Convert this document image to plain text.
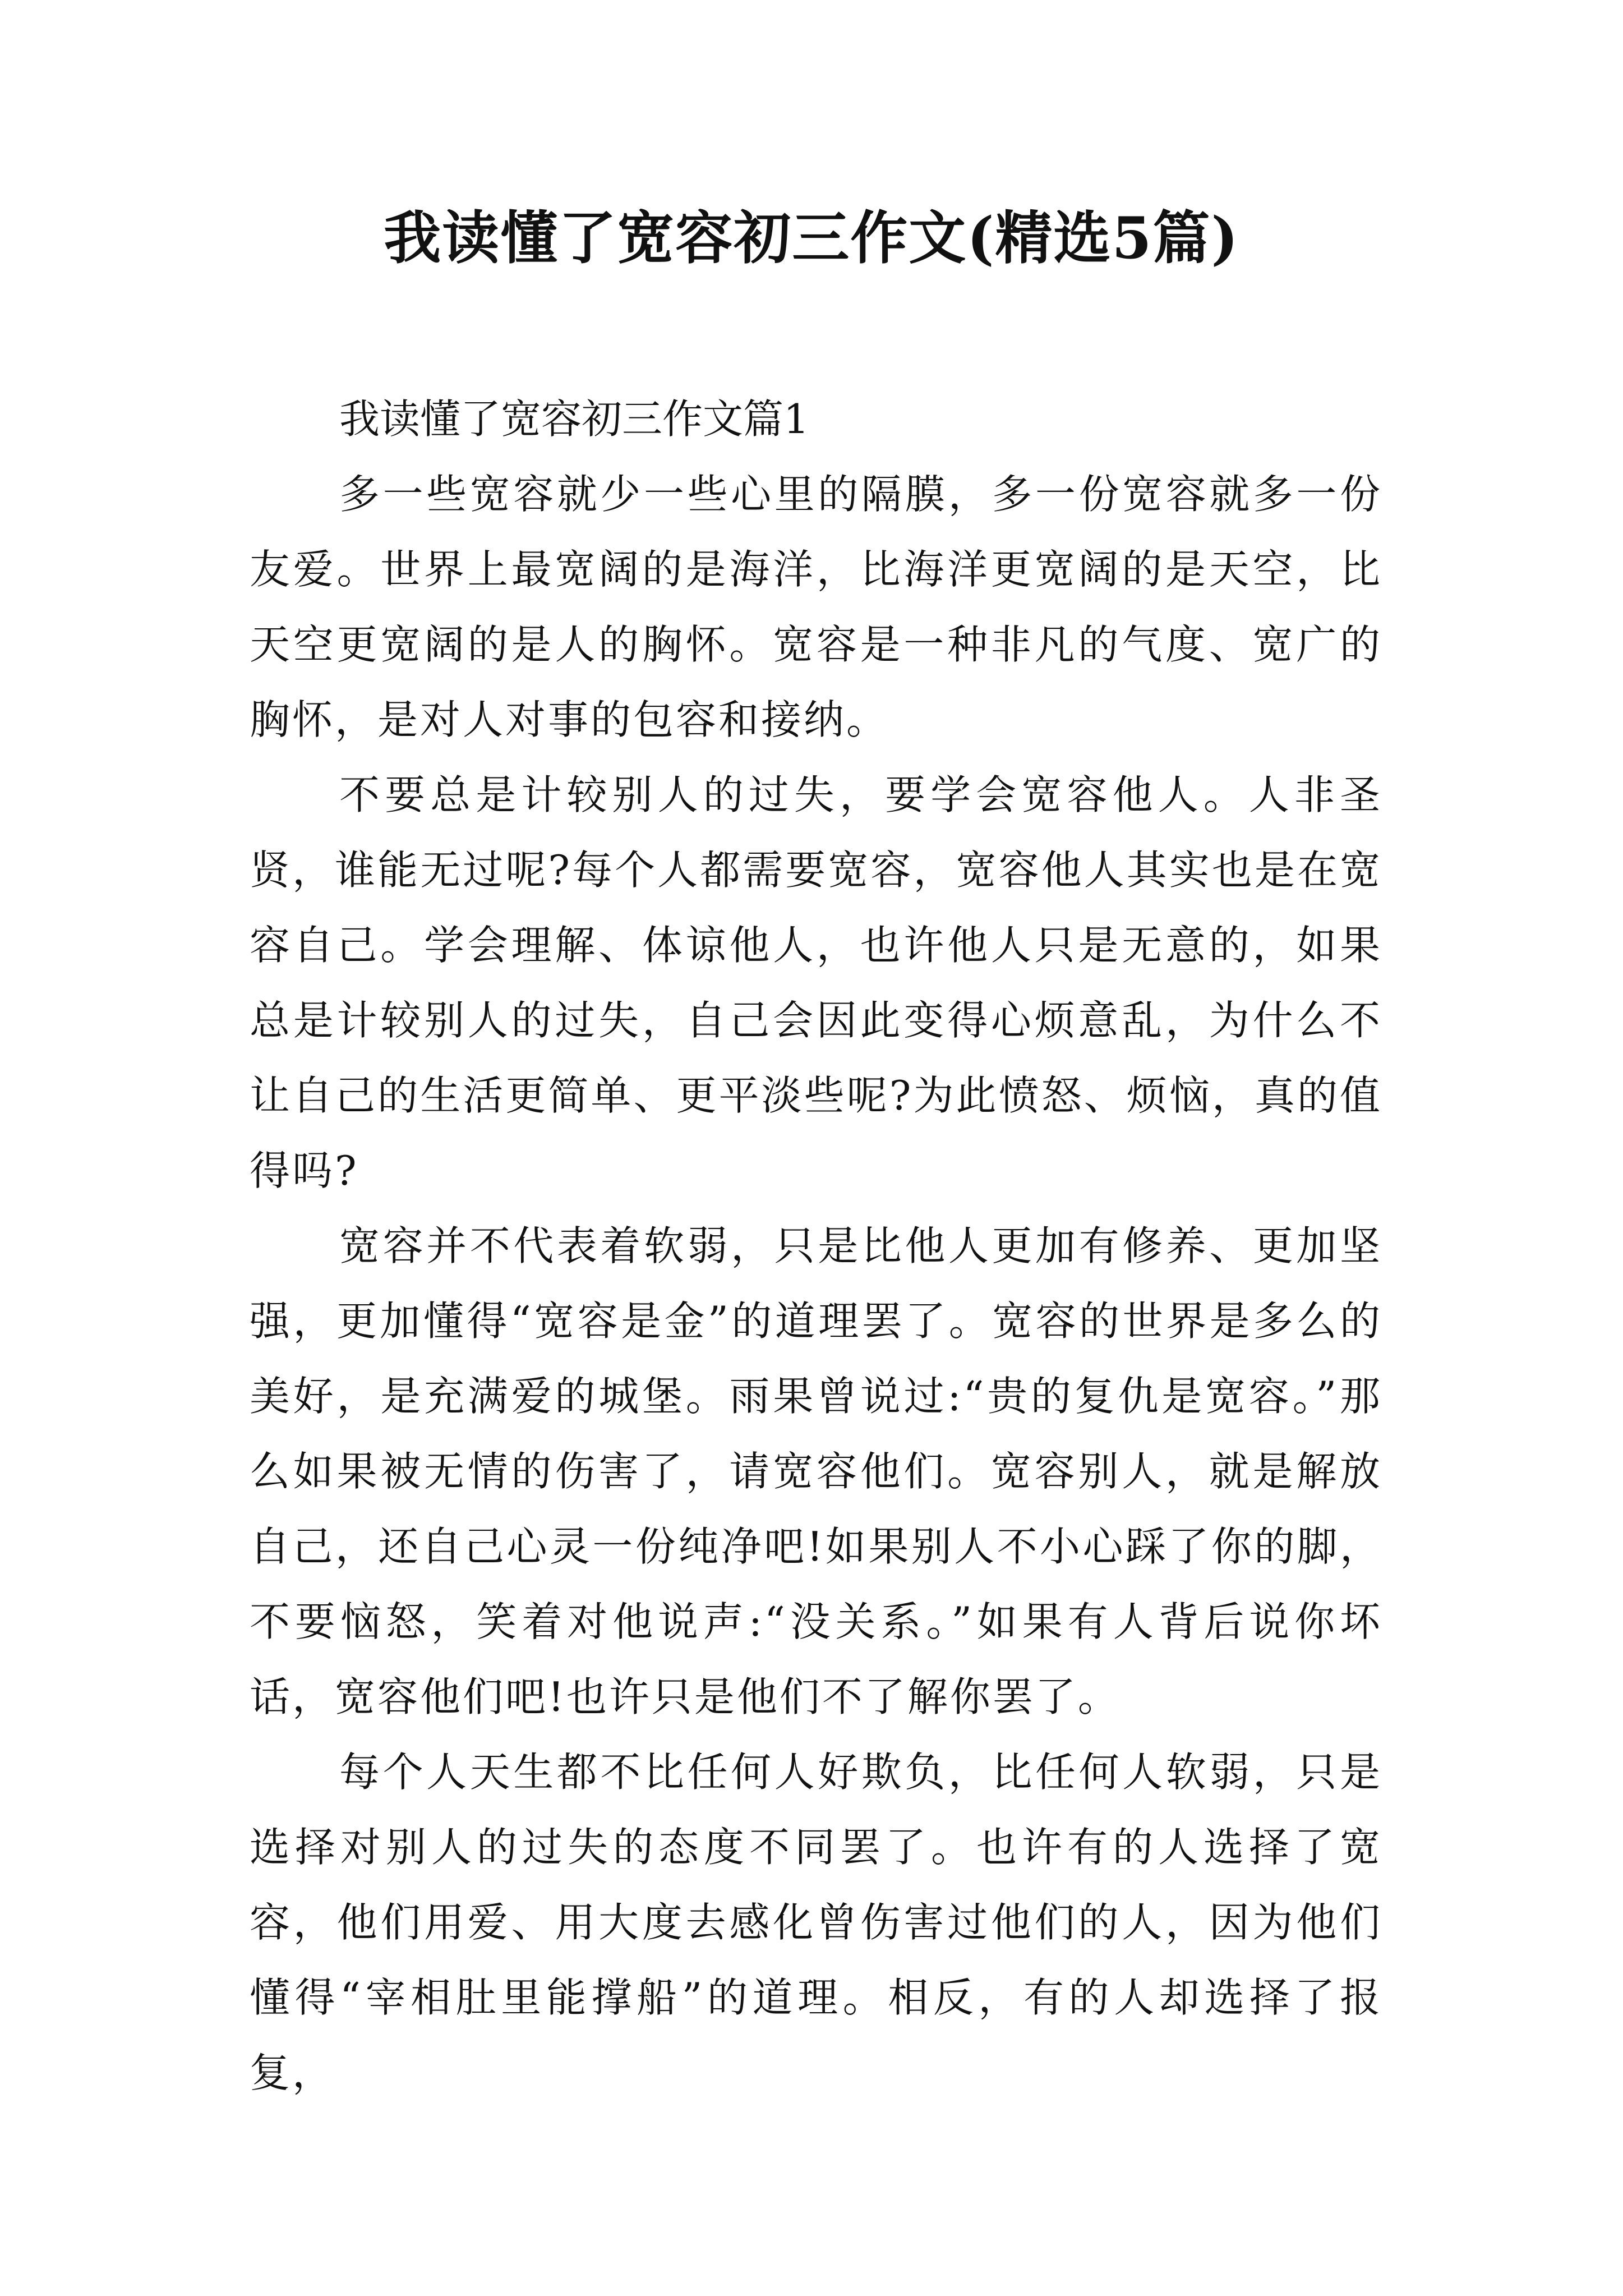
我读懂了宽容初三作文(精选5篇)
我读懂了宽容初三作文篇1

多一些宽容就少一些心里的隔膜，多一份宽容就多一份友爱。世界上最宽阔的是海洋，比海洋更宽阔的是天空，比天空更宽阔的是人的胸怀。宽容是一种非凡的气度、宽广的胸怀，是对人对事的包容和接纳。

不要总是计较别人的过失，要学会宽容他人。人非圣贤，谁能无过呢?每个人都需要宽容，宽容他人其实也是在宽容自己。学会理解、体谅他人，也许他人只是无意的，如果总是计较别人的过失，自己会因此变得心烦意乱，为什么不让自己的生活更简单、更平淡些呢?为此愤怒、烦恼，真的值得吗?

宽容并不代表着软弱，只是比他人更加有修养、更加坚强，更加懂得“宽容是金”的道理罢了。宽容的世界是多么的美好，是充满爱的城堡。雨果曾说过:“贵的复仇是宽容。”那么如果被无情的伤害了，请宽容他们。宽容别人，就是解放自己，还自己心灵一份纯净吧!如果别人不小心踩了你的脚，不要恼怒，笑着对他说声:“没关系。”如果有人背后说你坏话，宽容他们吧!也许只是他们不了解你罢了。

每个人天生都不比任何人好欺负，比任何人软弱，只是选择对别人的过失的态度不同罢了。也许有的人选择了宽容，他们用爱、用大度去感化曾伤害过他们的人，因为他们懂得“宰相肚里能撑船”的道理。相反，有的人却选择了报复，
